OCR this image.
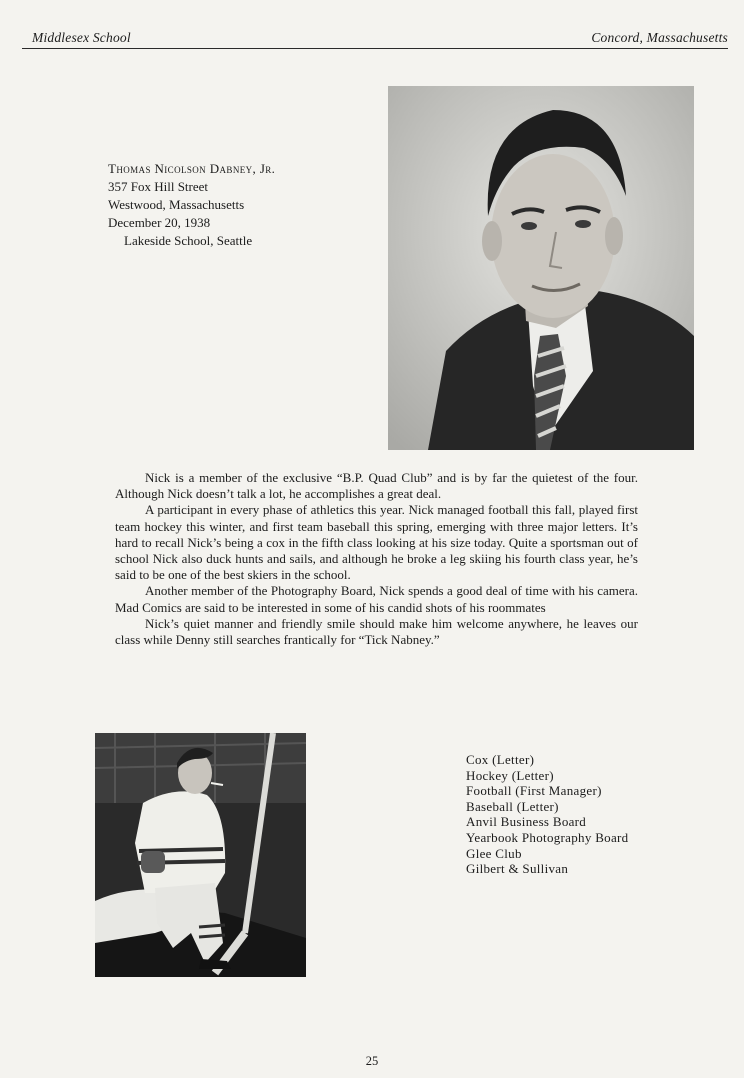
Middlesex School	Concord, Massachusetts
Thomas Nicolson Dabney, Jr.
357 Fox Hill Street
Westwood, Massachusetts
December 20, 1938
Lakeside School, Seattle

Nick is a member of the exclusive “B.P. Quad Club” and is by far the quietest of the four. Although Nick doesn’t talk a lot, he accomplishes a great deal.

A participant in every phase of athletics this year. Nick managed football this fall, played first team hockey this winter, and first team baseball this spring, emerging with three major letters. It’s hard to recall Nick’s being a cox in the fifth class looking at his size today. Quite a sportsman out of school Nick also duck hunts and sails, and although he broke a leg skiing his fourth class year, he’s said to be one of the best skiers in the school.

Another member of the Photography Board, Nick spends a good deal of time with his camera. Mad Comics are said to be interested in some of his candid shots of his roommates

Nick’s quiet manner and friendly smile should make him welcome anywhere, he leaves our class while Denny still searches frantically for “Tick Nabney.”

Cox (Letter)
Hockey (Letter)
Football (First Manager)
Baseball (Letter)
Anvil Business Board
Yearbook Photography Board
Glee Club
Gilbert & Sullivan
25
